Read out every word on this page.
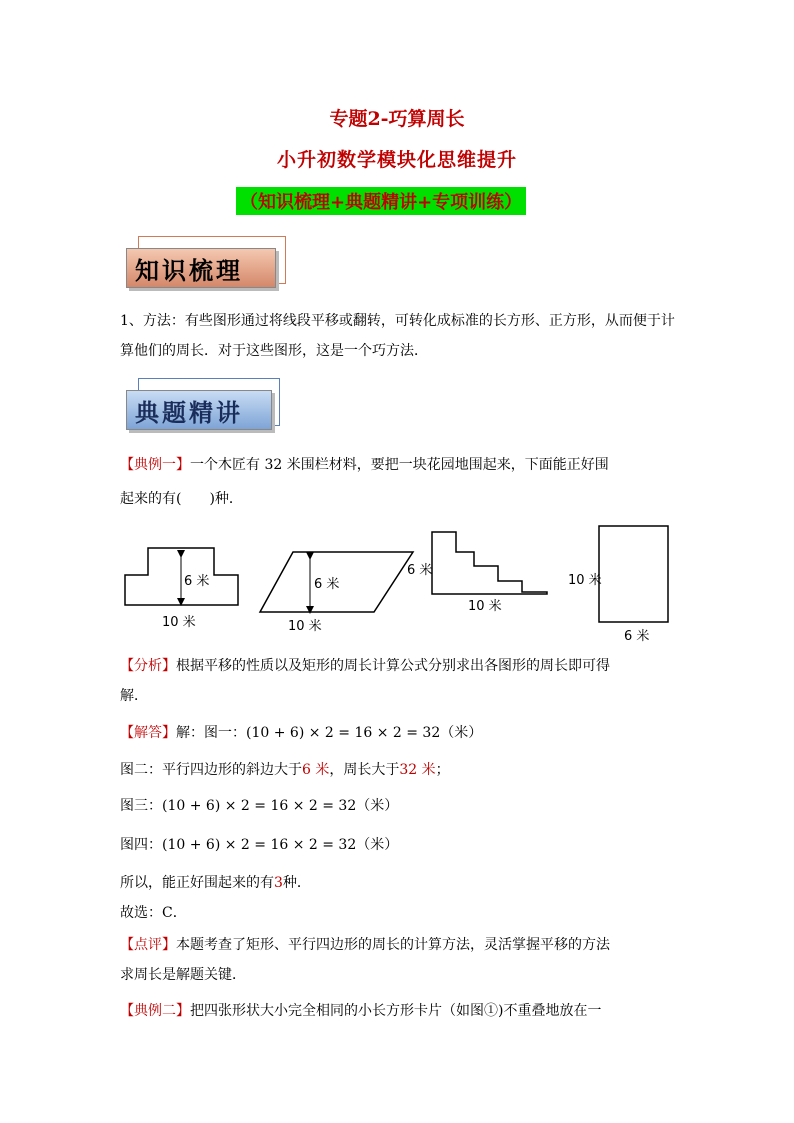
专题2-巧算周长
小升初数学模块化思维提升
（知识梳理+典题精讲+专项训练）
知识梳理
1、方法：有些图形通过将线段平移或翻转，可转化成标准的长方形、正方形，从而便于计
算他们的周长．对于这些图形，这是一个巧方法．
典题精讲
【典例一】一个木匠有 32 米围栏材料，要把一块花园地围起来，下面能正好围
起来的有(　　)种．
6 米
10 米
6 米
10 米
6 米
10 米
10 米
6 米
【分析】根据平移的性质以及矩形的周长计算公式分别求出各图形的周长即可得
解．
【解答】解：图一：(10 + 6) × 2 = 16 × 2 = 32（米）
图二：平行四边形的斜边大于6 米，周长大于32 米；
图三：(10 + 6) × 2 = 16 × 2 = 32（米）
图四：(10 + 6) × 2 = 16 × 2 = 32（米）
所以，能正好围起来的有3种．
故选：C．
【点评】本题考查了矩形、平行四边形的周长的计算方法，灵活掌握平移的方法
求周长是解题关键．
【典例二】把四张形状大小完全相同的小长方形卡片（如图①)不重叠地放在一
